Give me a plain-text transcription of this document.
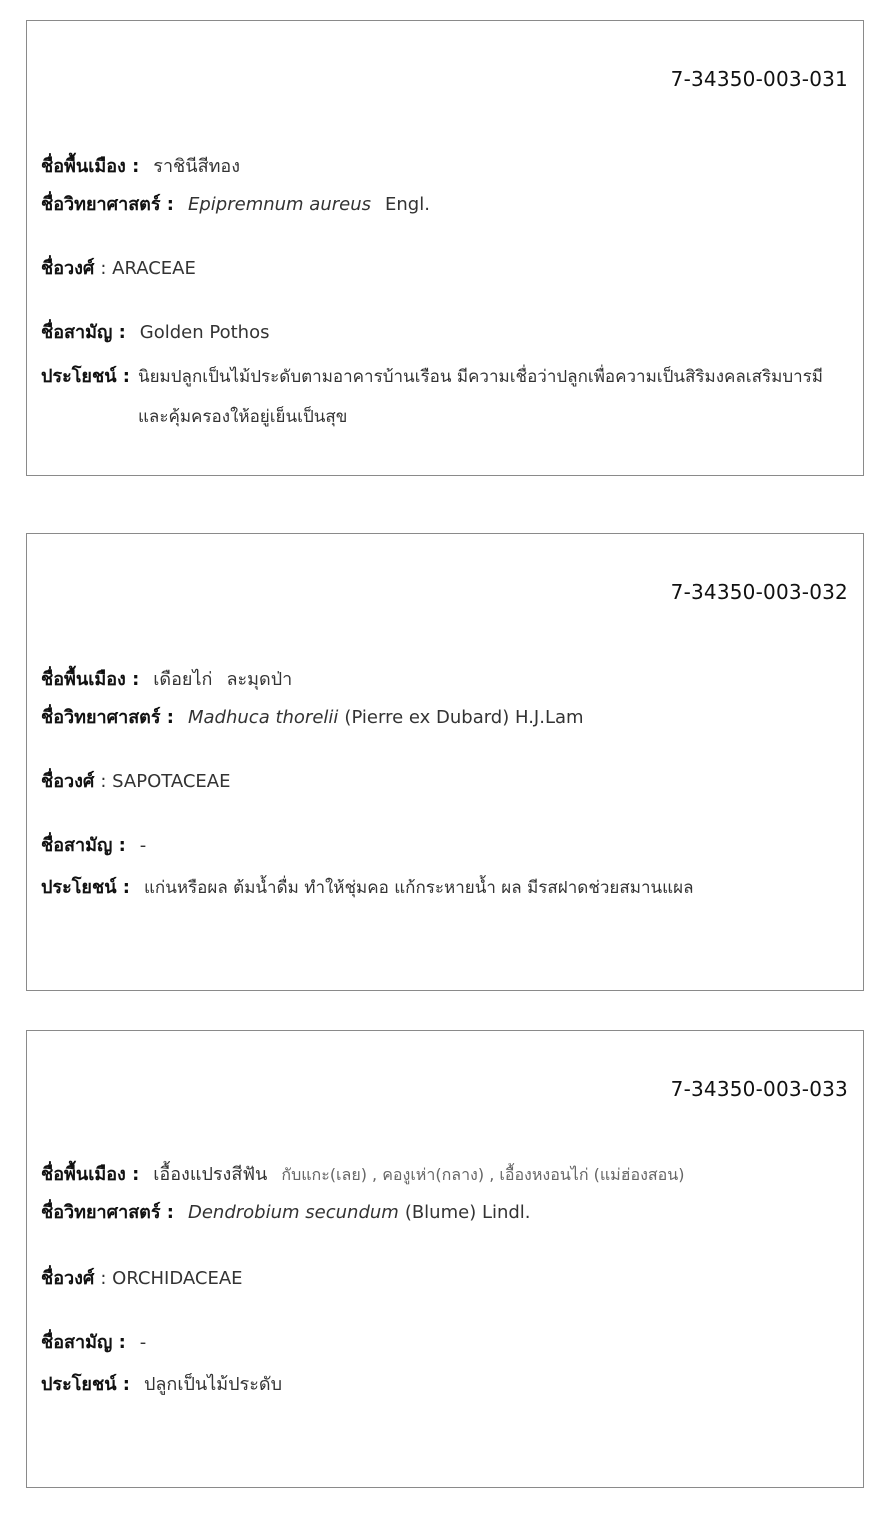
7-34350-003-031
ชื่อพื้นเมือง : ราชินีสีทอง
ชื่อวิทยาศาสตร์ : Epipremnum aureus Engl.
ชื่อวงศ์ : ARACEAE
ชื่อสามัญ : Golden Pothos
ประโยชน์ : นิยมปลูกเป็นไม้ประดับตามอาคารบ้านเรือน มีความเชื่อว่าปลูกเพื่อความเป็นสิริมงคลเสริมบารมีและคุ้มครองให้อยู่เย็นเป็นสุข
7-34350-003-032
ชื่อพื้นเมือง : เดือยไก่ ละมุดป่า
ชื่อวิทยาศาสตร์ : Madhuca thorelii (Pierre ex Dubard) H.J.Lam
ชื่อวงศ์ : SAPOTACEAE
ชื่อสามัญ : -
ประโยชน์ : แก่นหรือผล ต้มน้ำดื่ม ทำให้ชุ่มคอ แก้กระหายน้ำ ผล มีรสฝาดช่วยสมานแผล
7-34350-003-033
ชื่อพื้นเมือง : เอื้องแปรงสีฟัน กับแกะ(เลย) , คองูเห่า(กลาง) , เอื้องหงอนไก่ (แม่ฮ่องสอน)
ชื่อวิทยาศาสตร์ : Dendrobium secundum (Blume) Lindl.
ชื่อวงศ์ : ORCHIDACEAE
ชื่อสามัญ : -
ประโยชน์ : ปลูกเป็นไม้ประดับ
